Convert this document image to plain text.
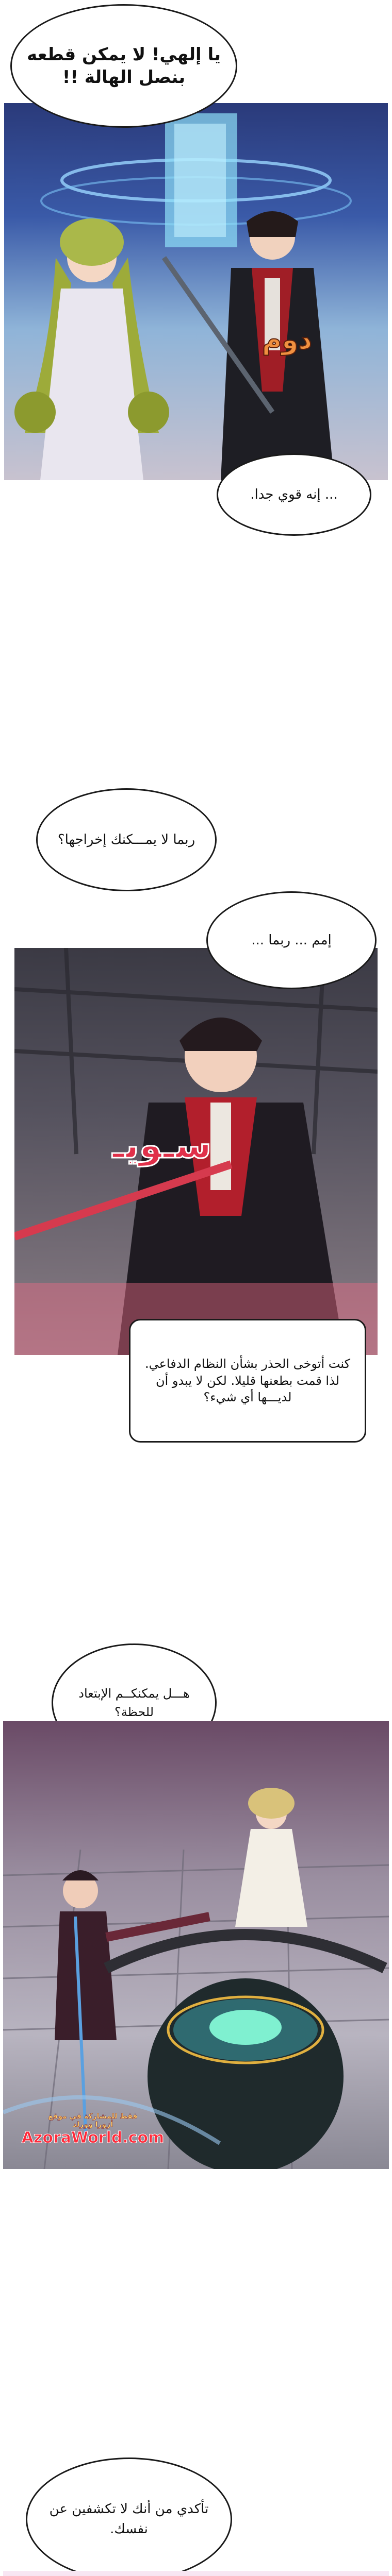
دوم
يا إلهي! لا يمكن قطعه بنصل الهالة !!
... إنه قوي جدا.
ربما لا يمـــكنك إخراجها؟
سـويـ
إمم ... ربما ...
كنت أتوخى الحذر بشأن النظام الدفاعي. لذا قمت بطعنها قليلا. لكن لا يبدو أن لديـــها أي شيء؟
هـــل يمكنكــم الإبتعاد للحظة؟
فقط للمشاركة في موقع
أزورا وورلد
AzoraWorld.com
تأكدي من أنك لا تكشفين عن نفسك.
